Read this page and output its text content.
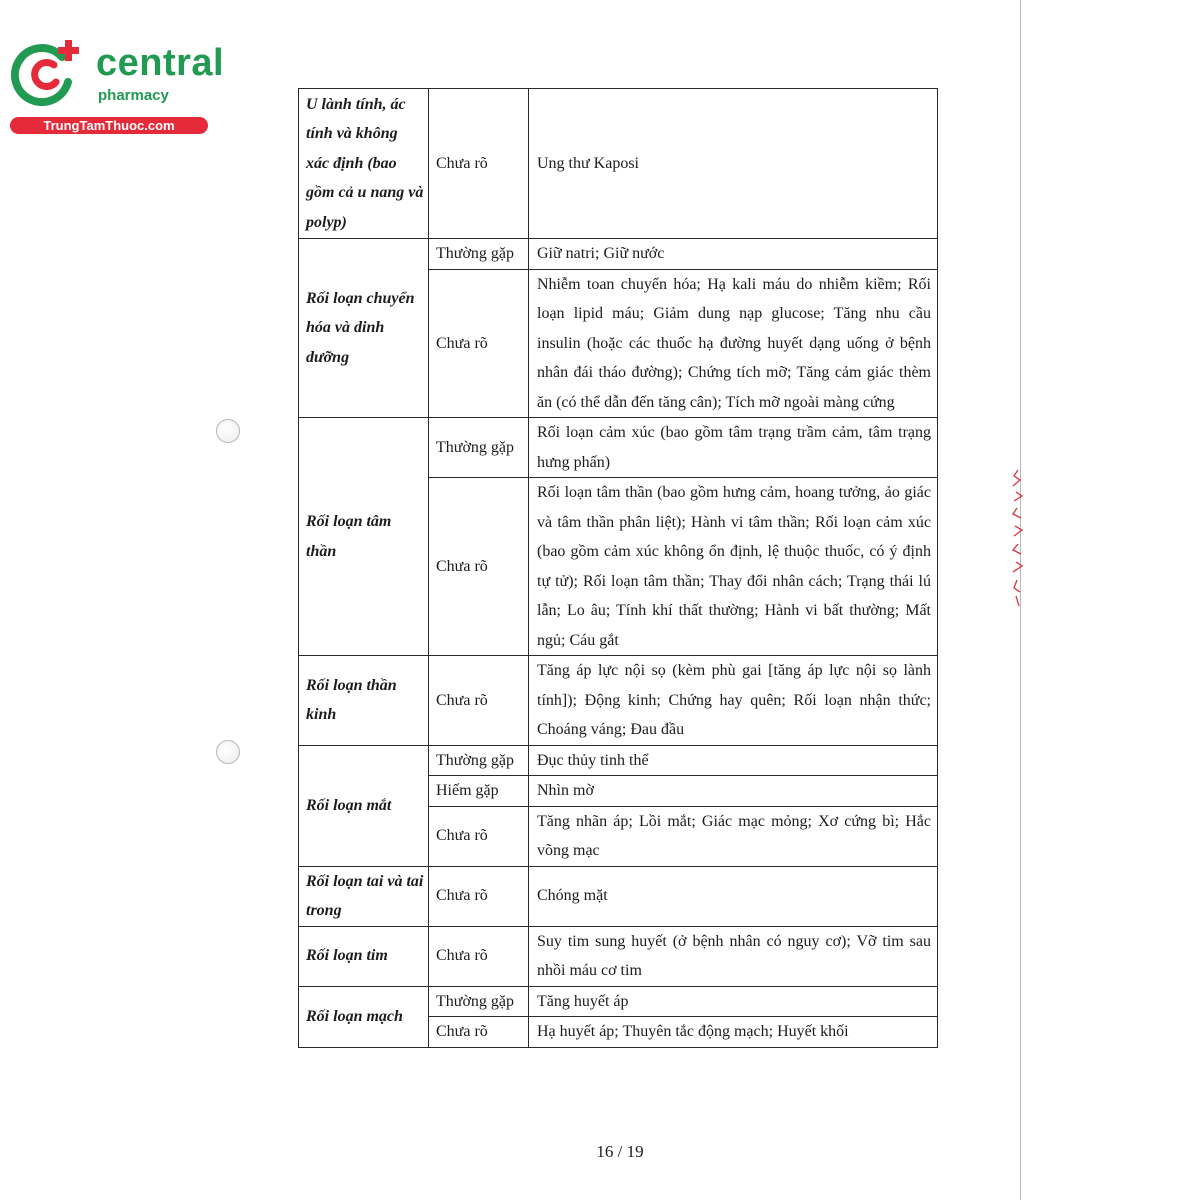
central
pharmacy
TrungTamThuoc.com
U lành tính, ác tính và không xác định (bao gồm cả u nang và polyp)	Chưa rõ	Ung thư Kaposi
Rối loạn chuyển hóa và dinh dưỡng	Thường gặp	Giữ natri; Giữ nước
	Chưa rõ	Nhiễm toan chuyển hóa; Hạ kali máu do nhiễm kiềm; Rối loạn lipid máu; Giảm dung nạp glucose; Tăng nhu cầu insulin (hoặc các thuốc hạ đường huyết dạng uống ở bệnh nhân đái tháo đường); Chứng tích mỡ; Tăng cảm giác thèm ăn (có thể dẫn đến tăng cân); Tích mỡ ngoài màng cứng
Rối loạn tâm thần	Thường gặp	Rối loạn cảm xúc (bao gồm tâm trạng trầm cảm, tâm trạng hưng phấn)
	Chưa rõ	Rối loạn tâm thần (bao gồm hưng cảm, hoang tưởng, ảo giác và tâm thần phân liệt); Hành vi tâm thần; Rối loạn cảm xúc (bao gồm cảm xúc không ổn định, lệ thuộc thuốc, có ý định tự tử); Rối loạn tâm thần; Thay đổi nhân cách; Trạng thái lú lẫn; Lo âu; Tính khí thất thường; Hành vi bất thường; Mất ngủ; Cáu gắt
Rối loạn thần kinh	Chưa rõ	Tăng áp lực nội sọ (kèm phù gai [tăng áp lực nội sọ lành tính]); Động kinh; Chứng hay quên; Rối loạn nhận thức; Choáng váng; Đau đầu
Rối loạn mắt	Thường gặp	Đục thủy tinh thể
	Hiếm gặp	Nhìn mờ
	Chưa rõ	Tăng nhãn áp; Lồi mắt; Giác mạc mỏng; Xơ cứng bì; Hắc võng mạc
Rối loạn tai và tai trong	Chưa rõ	Chóng mặt
Rối loạn tim	Chưa rõ	Suy tim sung huyết (ở bệnh nhân có nguy cơ); Vỡ tim sau nhồi máu cơ tim
Rối loạn mạch	Thường gặp	Tăng huyết áp
	Chưa rõ	Hạ huyết áp; Thuyên tắc động mạch; Huyết khối
16 / 19
